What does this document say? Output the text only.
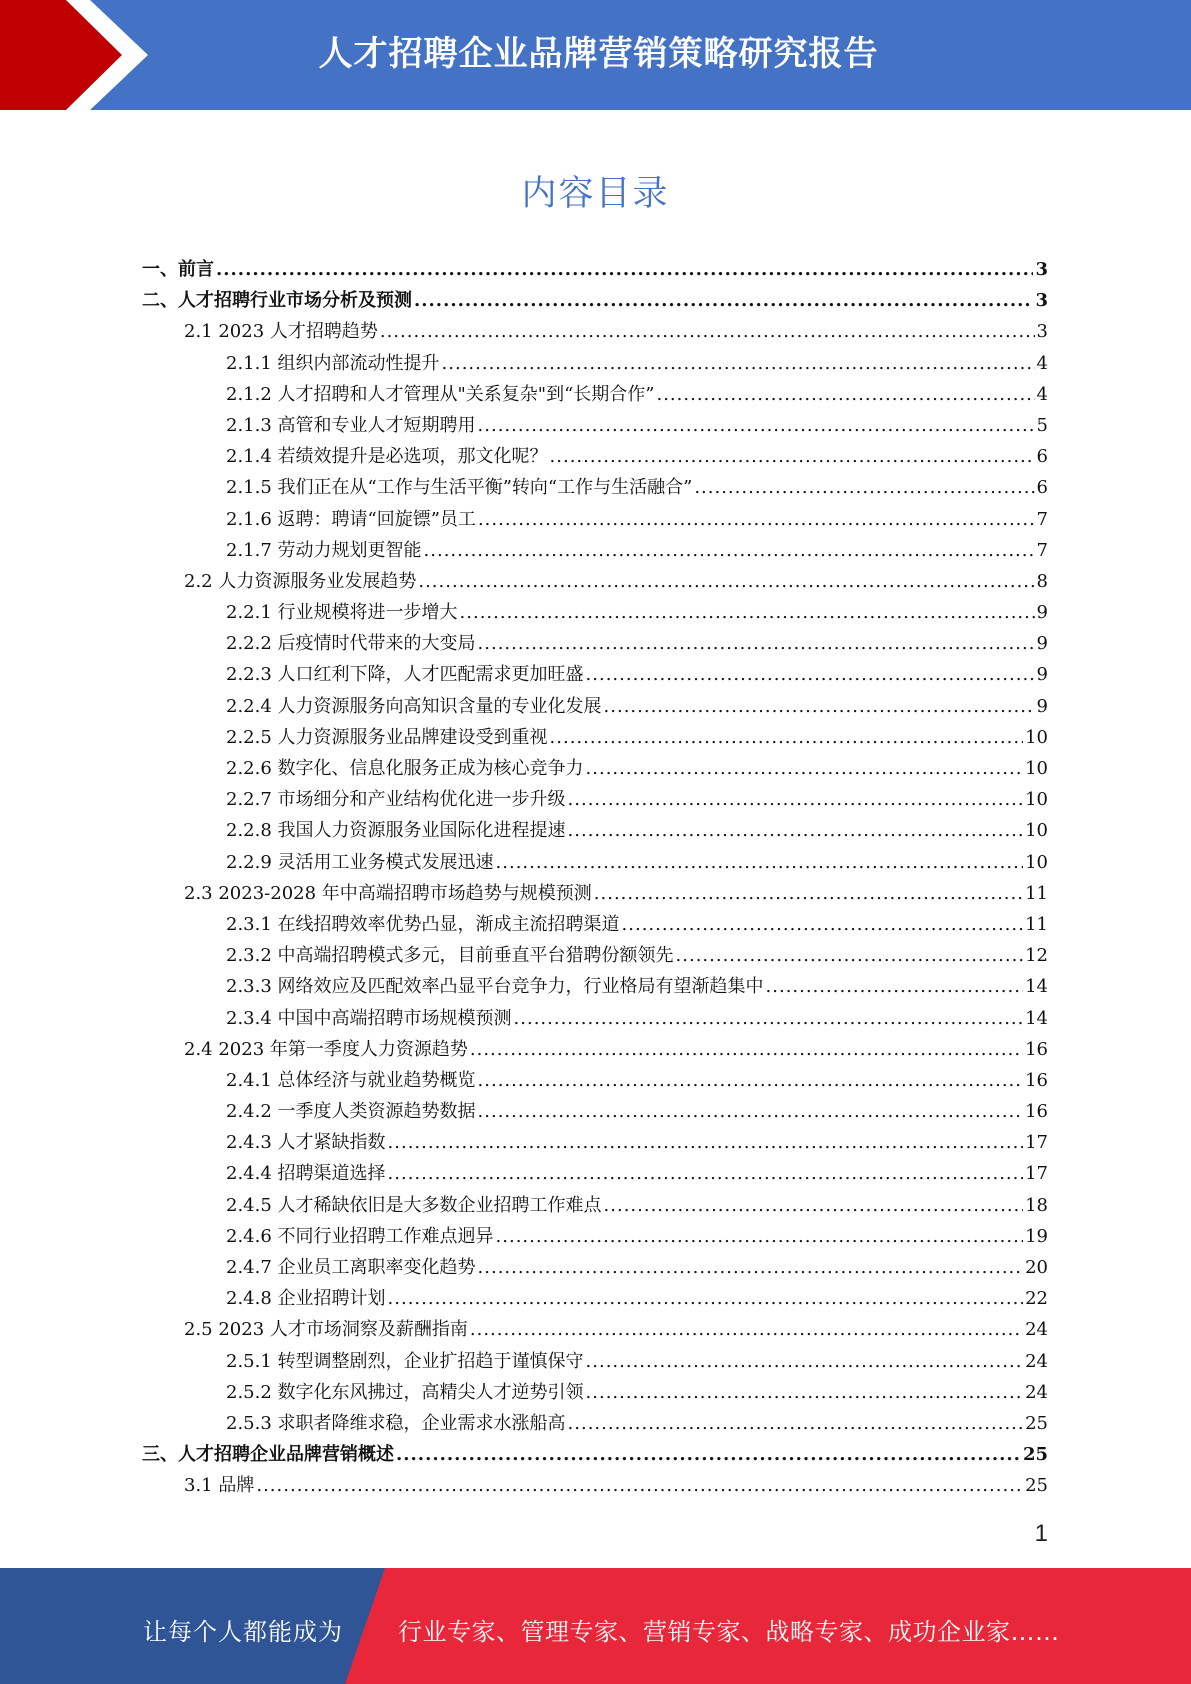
人才招聘企业品牌营销策略研究报告
内容目录
一、前言 .....	3
二、人才招聘行业市场分析及预测 .....	3
2.1 2023 人才招聘趋势 .....	3
2.1.1 组织内部流动性提升 .....	4
2.1.2 人才招聘和人才管理从"关系复杂"到“长期合作” .....	4
2.1.3 高管和专业人才短期聘用 .....	5
2.1.4 若绩效提升是必选项，那文化呢？ .....	6
2.1.5 我们正在从“工作与生活平衡”转向“工作与生活融合” .....	6
2.1.6 返聘：聘请“回旋镖”员工 .....	7
2.1.7 劳动力规划更智能 .....	7
2.2 人力资源服务业发展趋势 .....	8
2.2.1 行业规模将进一步增大 .....	9
2.2.2 后疫情时代带来的大变局 .....	9
2.2.3 人口红利下降，人才匹配需求更加旺盛 .....	9
2.2.4 人力资源服务向高知识含量的专业化发展 .....	9
2.2.5 人力资源服务业品牌建设受到重视 .....	10
2.2.6 数字化、信息化服务正成为核心竞争力 .....	10
2.2.7 市场细分和产业结构优化进一步升级 .....	10
2.2.8 我国人力资源服务业国际化进程提速 .....	10
2.2.9 灵活用工业务模式发展迅速 .....	10
2.3 2023-2028 年中高端招聘市场趋势与规模预测 .....	11
2.3.1 在线招聘效率优势凸显，渐成主流招聘渠道 .....	11
2.3.2 中高端招聘模式多元，目前垂直平台猎聘份额领先 .....	12
2.3.3 网络效应及匹配效率凸显平台竞争力，行业格局有望渐趋集中 .....	14
2.3.4 中国中高端招聘市场规模预测 .....	14
2.4 2023 年第一季度人力资源趋势 .....	16
2.4.1 总体经济与就业趋势概览 .....	16
2.4.2 一季度人类资源趋势数据 .....	16
2.4.3 人才紧缺指数 .....	17
2.4.4 招聘渠道选择 .....	17
2.4.5 人才稀缺依旧是大多数企业招聘工作难点 .....	18
2.4.6 不同行业招聘工作难点迥异 .....	19
2.4.7 企业员工离职率变化趋势 .....	20
2.4.8 企业招聘计划 .....	22
2.5 2023 人才市场洞察及薪酬指南 .....	24
2.5.1 转型调整剧烈，企业扩招趋于谨慎保守 .....	24
2.5.2 数字化东风拂过，高精尖人才逆势引领 .....	24
2.5.3 求职者降维求稳，企业需求水涨船高 .....	25
三、人才招聘企业品牌营销概述 .....	25
3.1 品牌 .....	25
1
让每个人都能成为 行业专家、管理专家、营销专家、战略专家、成功企业家……
